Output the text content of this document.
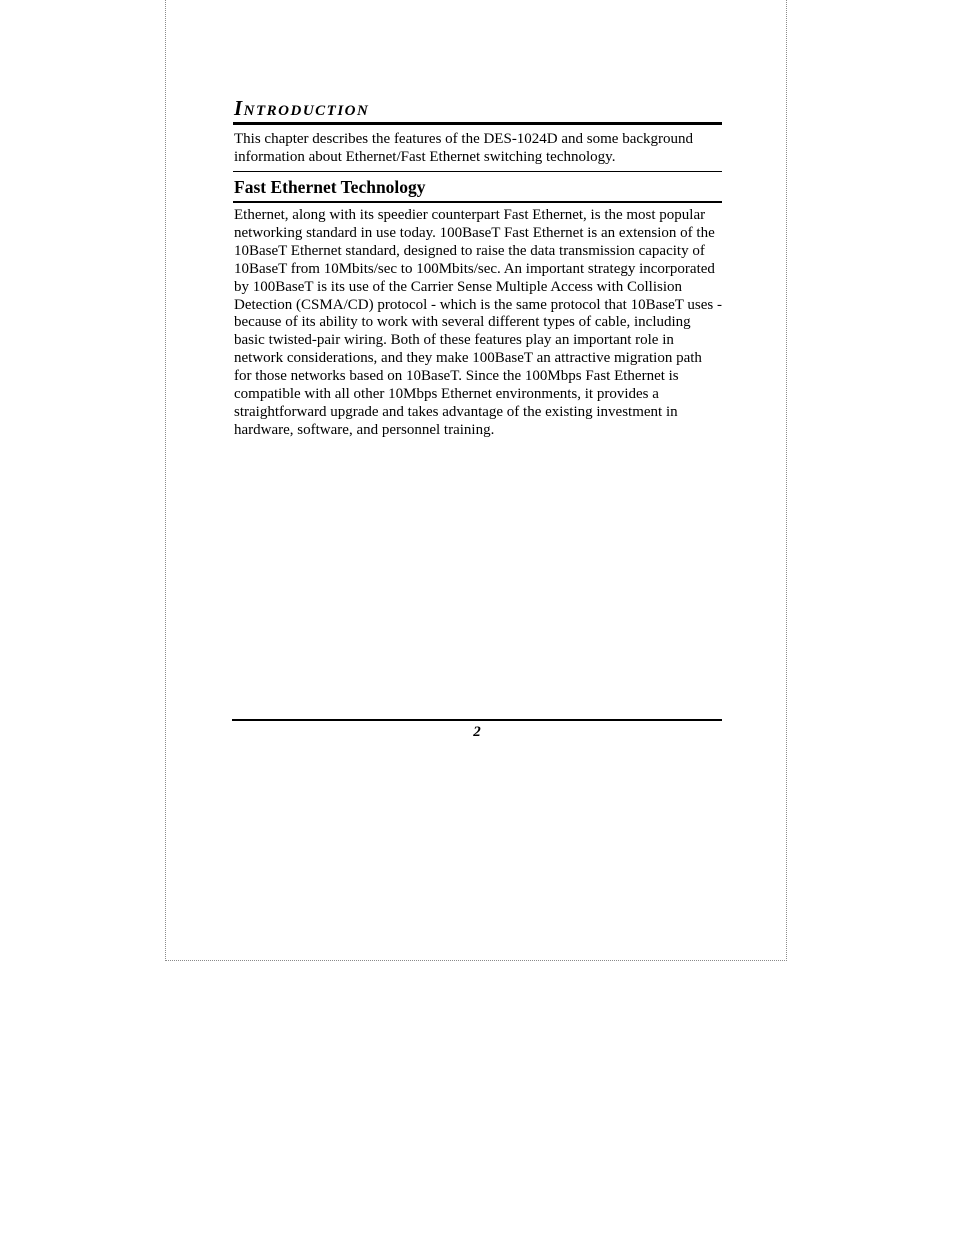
Introduction

This chapter describes the features of the DES-1024D and some background information about Ethernet/Fast Ethernet switching technology.

Fast Ethernet Technology

Ethernet, along with its speedier counterpart Fast Ethernet, is the most popular networking standard in use today. 100BaseT Fast Ethernet is an extension of the 10BaseT Ethernet standard, designed to raise the data transmission capacity of 10BaseT from 10Mbits/sec to 100Mbits/sec. An important strategy incorporated by 100BaseT is its use of the Carrier Sense Multiple Access with Collision Detection (CSMA/CD) protocol - which is the same protocol that 10BaseT uses - because of its ability to work with several different types of cable, including basic twisted-pair wiring. Both of these features play an important role in network considerations, and they make 100BaseT an attractive migration path for those networks based on 10BaseT. Since the 100Mbps Fast Ethernet is compatible with all other 10Mbps Ethernet environments, it provides a straightforward upgrade and takes advantage of the existing investment in hardware, software, and personnel training.

2
